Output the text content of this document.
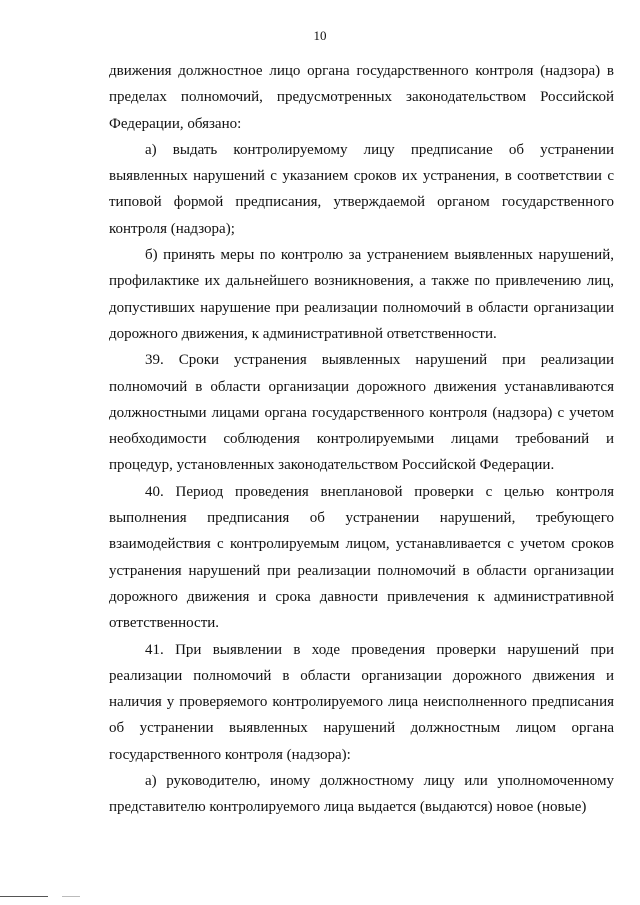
10

движения должностное лицо органа государственного контроля (надзора) в пределах полномочий, предусмотренных законодательством Российской Федерации, обязано:

а) выдать контролируемому лицу предписание об устранении выявленных нарушений с указанием сроков их устранения, в соответствии с типовой формой предписания, утверждаемой органом государственного контроля (надзора);

б) принять меры по контролю за устранением выявленных нарушений, профилактике их дальнейшего возникновения, а также по привлечению лиц, допустивших нарушение при реализации полномочий в области организации дорожного движения, к административной ответственности.

39. Сроки устранения выявленных нарушений при реализации полномочий в области организации дорожного движения устанавливаются должностными лицами органа государственного контроля (надзора) с учетом необходимости соблюдения контролируемыми лицами требований и процедур, установленных законодательством Российской Федерации.

40. Период проведения внеплановой проверки с целью контроля выполнения предписания об устранении нарушений, требующего взаимодействия с контролируемым лицом, устанавливается с учетом сроков устранения нарушений при реализации полномочий в области организации дорожного движения и срока давности привлечения к административной ответственности.

41. При выявлении в ходе проведения проверки нарушений при реализации полномочий в области организации дорожного движения и наличия у проверяемого контролируемого лица неисполненного предписания об устранении выявленных нарушений должностным лицом органа государственного контроля (надзора):

а) руководителю, иному должностному лицу или уполномоченному представителю контролируемого лица выдается (выдаются) новое (новые)
